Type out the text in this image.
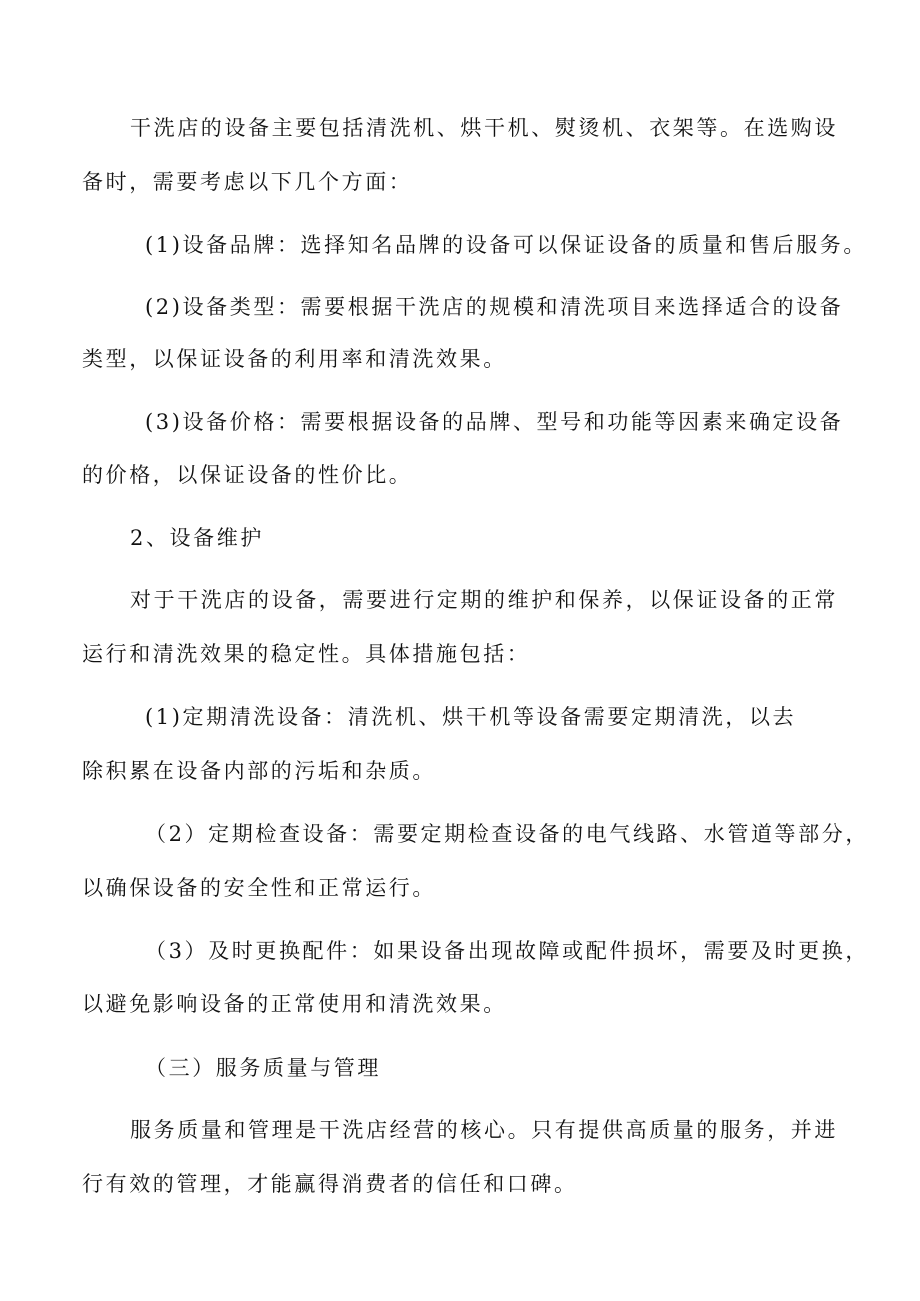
干洗店的设备主要包括清洗机、烘干机、熨烫机、衣架等。在选购设
备时，需要考虑以下几个方面：
(1)设备品牌：选择知名品牌的设备可以保证设备的质量和售后服务。
(2)设备类型：需要根据干洗店的规模和清洗项目来选择适合的设备
类型，以保证设备的利用率和清洗效果。
(3)设备价格：需要根据设备的品牌、型号和功能等因素来确定设备
的价格，以保证设备的性价比。
2、设备维护
对于干洗店的设备，需要进行定期的维护和保养，以保证设备的正常
运行和清洗效果的稳定性。具体措施包括：
(1)定期清洗设备：清洗机、烘干机等设备需要定期清洗，以去
除积累在设备内部的污垢和杂质。
（2）定期检查设备：需要定期检查设备的电气线路、水管道等部分，
以确保设备的安全性和正常运行。
（3）及时更换配件：如果设备出现故障或配件损坏，需要及时更换，
以避免影响设备的正常使用和清洗效果。
（三）服务质量与管理
服务质量和管理是干洗店经营的核心。只有提供高质量的服务，并进
行有效的管理，才能赢得消费者的信任和口碑。
